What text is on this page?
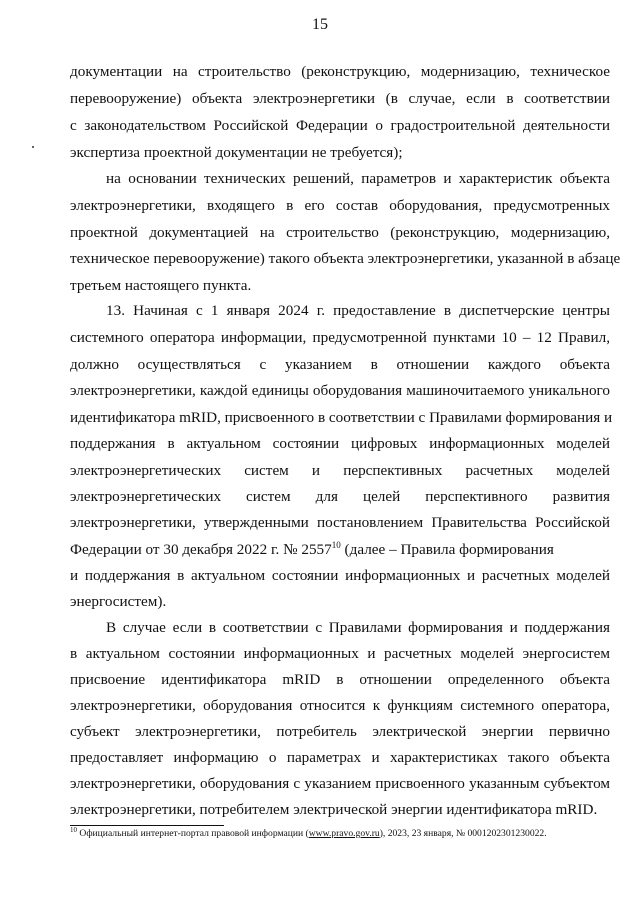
15
документации на строительство (реконструкцию, модернизацию, техническое
перевооружение) объекта электроэнергетики (в случае, если в соответствии
с законодательством Российской Федерации о градостроительной деятельности
экспертиза проектной документации не требуется);
на основании технических решений, параметров и характеристик объекта
электроэнергетики, входящего в его состав оборудования, предусмотренных
проектной документацией на строительство (реконструкцию, модернизацию,
техническое перевооружение) такого объекта электроэнергетики, указанной в абзаце
третьем настоящего пункта.
13. Начиная с 1 января 2024 г. предоставление в диспетчерские центры
системного оператора информации, предусмотренной пунктами 10 – 12 Правил,
должно осуществляться с указанием в отношении каждого объекта
электроэнергетики, каждой единицы оборудования машиночитаемого уникального
идентификатора mRID, присвоенного в соответствии с Правилами формирования и
поддержания в актуальном состоянии цифровых информационных моделей
электроэнергетических систем и перспективных расчетных моделей
электроэнергетических систем для целей перспективного развития
электроэнергетики, утвержденными постановлением Правительства Российской
Федерации от 30 декабря 2022 г. № 2557$^{10}$ (далее – Правила формирования
и поддержания в актуальном состоянии информационных и расчетных моделей
энергосистем).
В случае если в соответствии с Правилами формирования и поддержания
в актуальном состоянии информационных и расчетных моделей энергосистем
присвоение идентификатора mRID в отношении определенного объекта
электроэнергетики, оборудования относится к функциям системного оператора,
субъект электроэнергетики, потребитель электрической энергии первично
предоставляет информацию о параметрах и характеристиках такого объекта
электроэнергетики, оборудования с указанием присвоенного указанным субъектом
электроэнергетики, потребителем электрической энергии идентификатора mRID.
$^{10}$ Официальный интернет-портал правовой информации (www.pravo.gov.ru), 2023, 23 января, № 0001202301230022.
